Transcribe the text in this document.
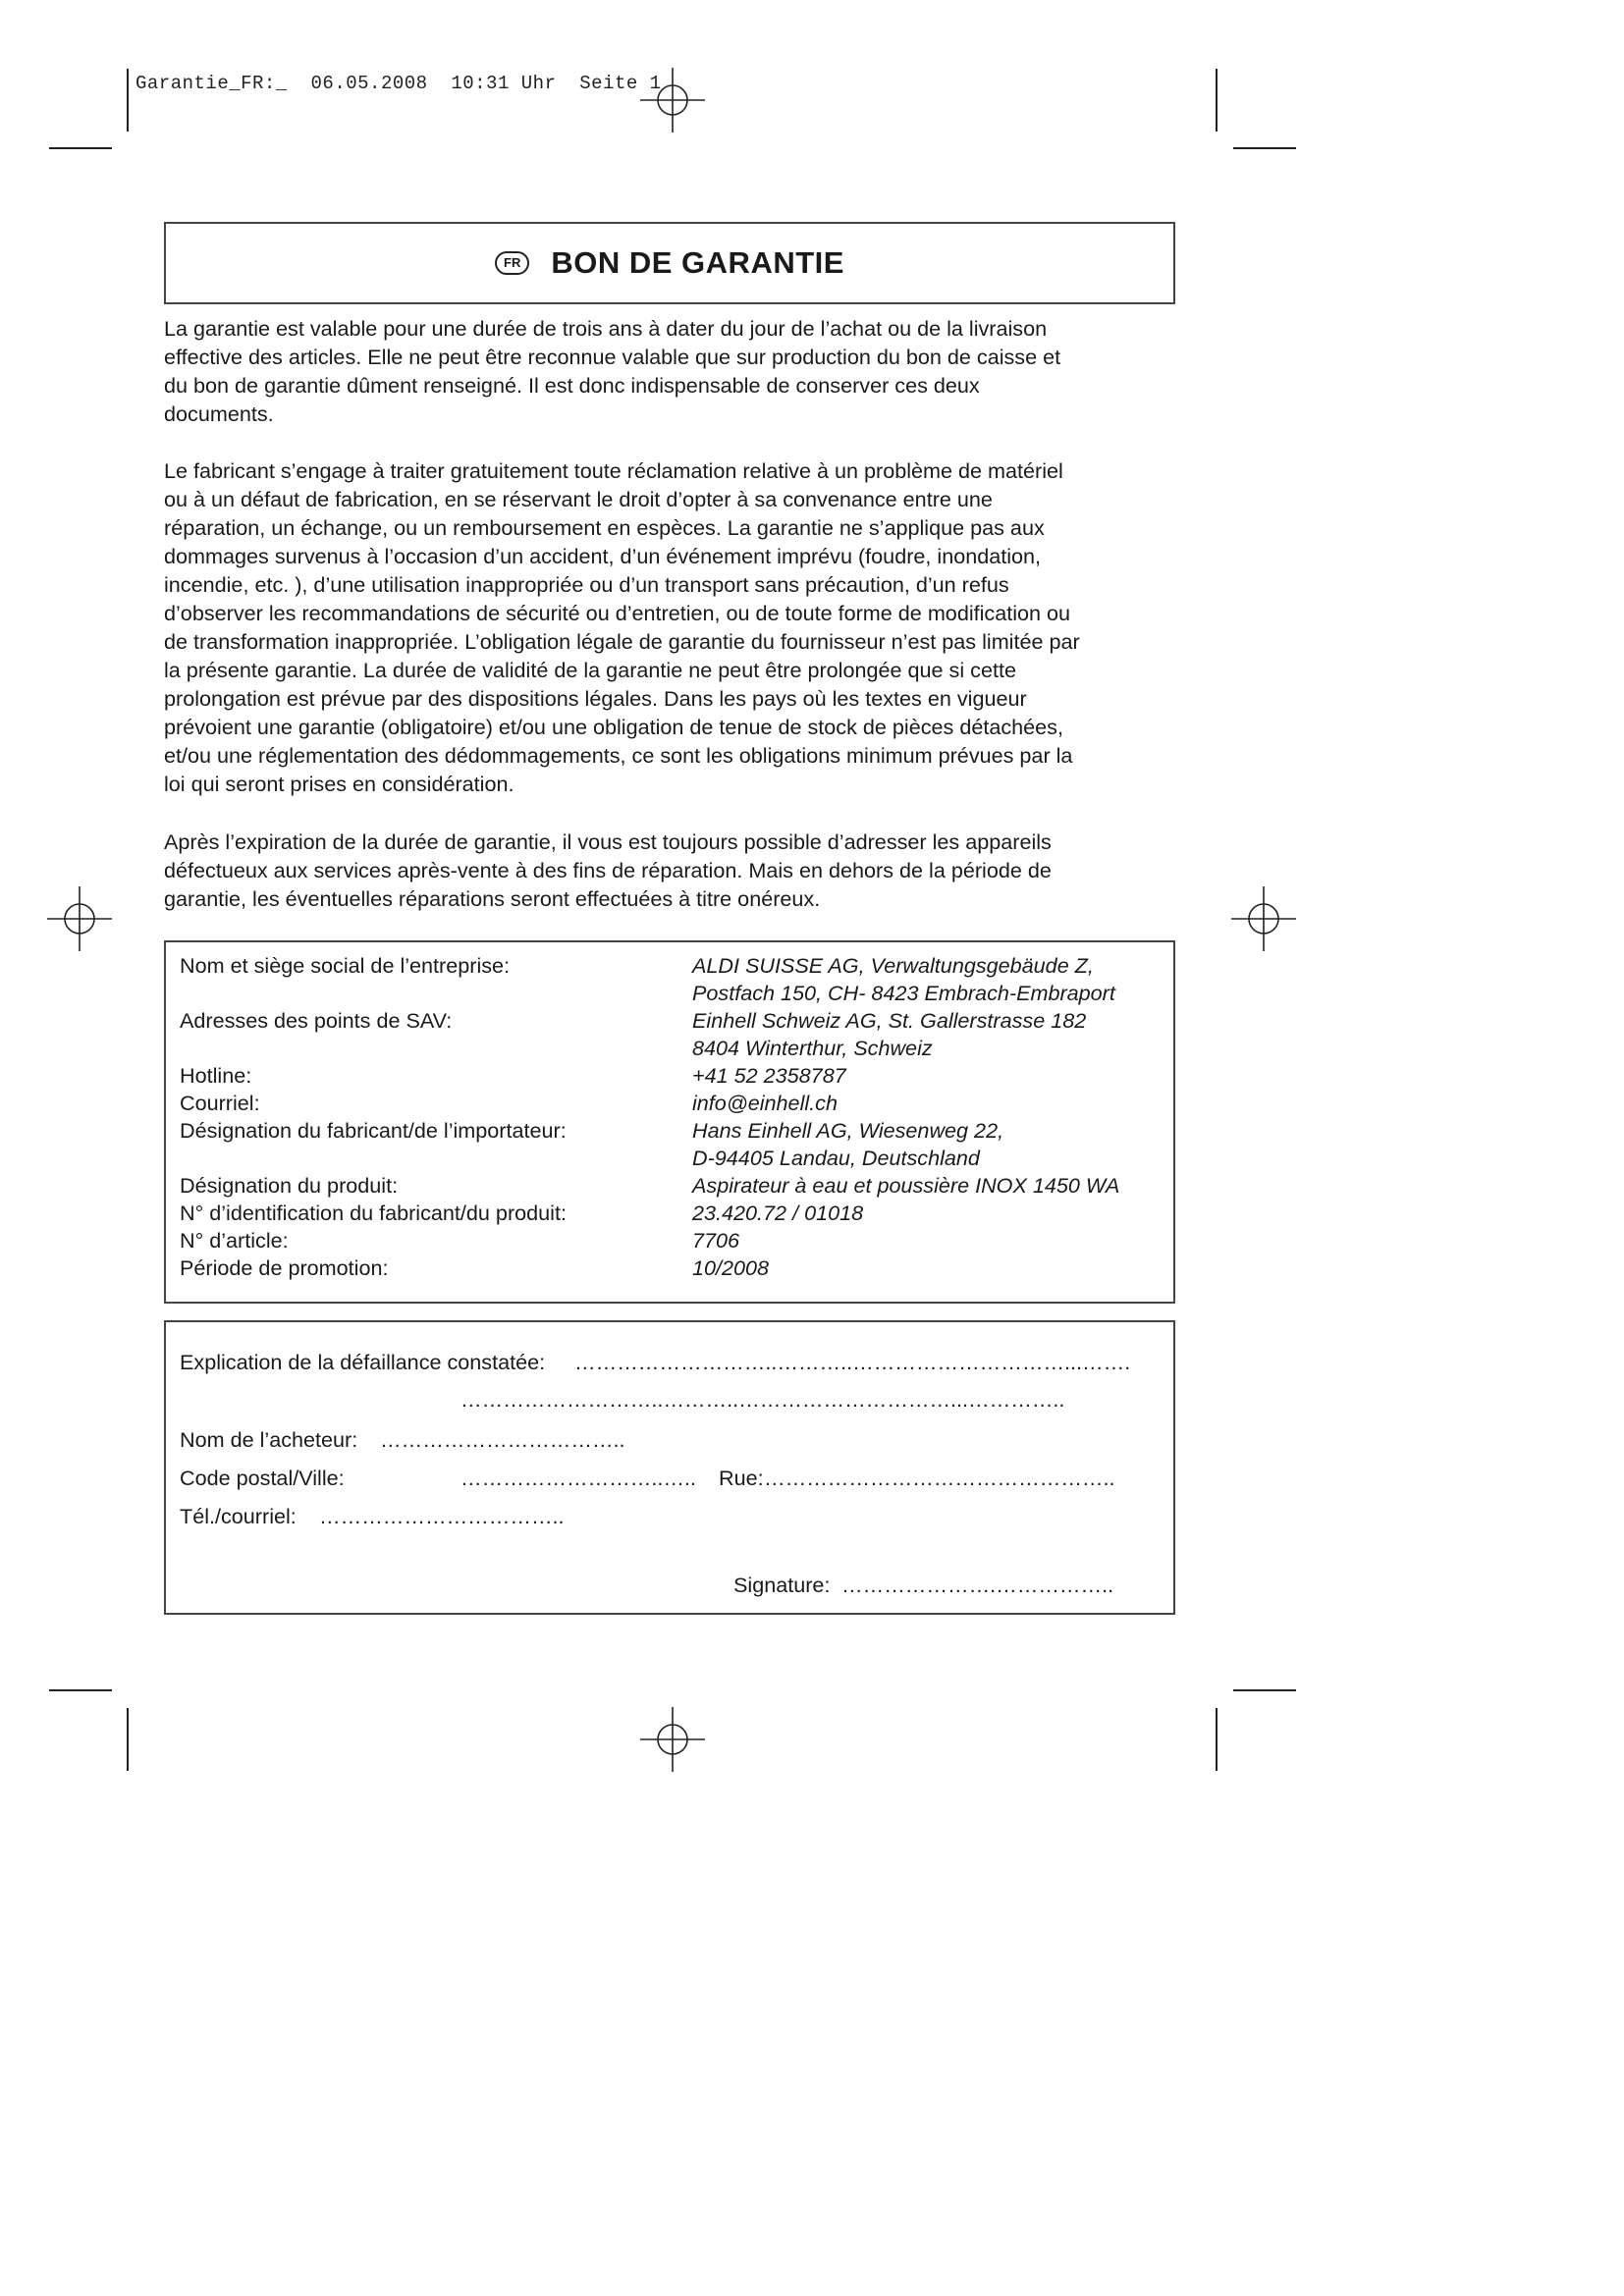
Garantie_FR:_  06.05.2008  10:31 Uhr  Seite 1
FR BON DE GARANTIE

La garantie est valable pour une durée de trois ans à dater du jour de l’achat ou de la livraison
effective des articles. Elle ne peut être reconnue valable que sur production du bon de caisse et
du bon de garantie dûment renseigné. Il est donc indispensable de conserver ces deux
documents.

Le fabricant s’engage à traiter gratuitement toute réclamation relative à un problème de matériel
ou à un défaut de fabrication, en se réservant le droit d’opter à sa convenance entre une
réparation, un échange, ou un remboursement en espèces. La garantie ne s’applique pas aux
dommages survenus à l’occasion d’un accident, d’un événement imprévu (foudre, inondation,
incendie, etc. ), d’une utilisation inappropriée ou d’un transport sans précaution, d’un refus
d’observer les recommandations de sécurité ou d’entretien, ou de toute forme de modification ou
de transformation inappropriée. L’obligation légale de garantie du fournisseur n’est pas limitée par
la présente garantie. La durée de validité de la garantie ne peut être prolongée que si cette
prolongation est prévue par des dispositions légales. Dans les pays où les textes en vigueur
prévoient une garantie (obligatoire) et/ou une obligation de tenue de stock de pièces détachées,
et/ou une réglementation des dédommagements, ce sont les obligations minimum prévues par la
loi qui seront prises en considération.

Après l’expiration de la durée de garantie, il vous est toujours possible d’adresser les appareils
défectueux aux services après-vente à des fins de réparation. Mais en dehors de la période de
garantie, les éventuelles réparations seront effectuées à titre onéreux.

Nom et siège social de l’entreprise:	ALDI SUISSE AG, Verwaltungsgebäude Z,
Postfach 150, CH- 8423 Embrach-Embraport
Adresses des points de SAV:	Einhell Schweiz AG, St. Gallerstrasse 182
8404 Winterthur, Schweiz
Hotline:	+41 52 2358787
Courriel:	info@einhell.ch
Désignation du fabricant/de l’importateur:	Hans Einhell AG, Wiesenweg 22,
D-94405 Landau, Deutschland
Désignation du produit:	Aspirateur à eau et poussière INOX 1450 WA
N° d’identification du fabricant/du produit:	23.420.72 / 01018
N° d’article:	7706
Période de promotion:	10/2008
Explication de la défaillance constatée: ………………………..………..…………………………...…….
………………………..………..…………………………...…………..
Nom de l’acheteur: ……………………………..
Code postal/Ville:	………………………..….. Rue: …………………………………………..
Tél./courriel: ……………………………..
Signature: ………………….……………..
